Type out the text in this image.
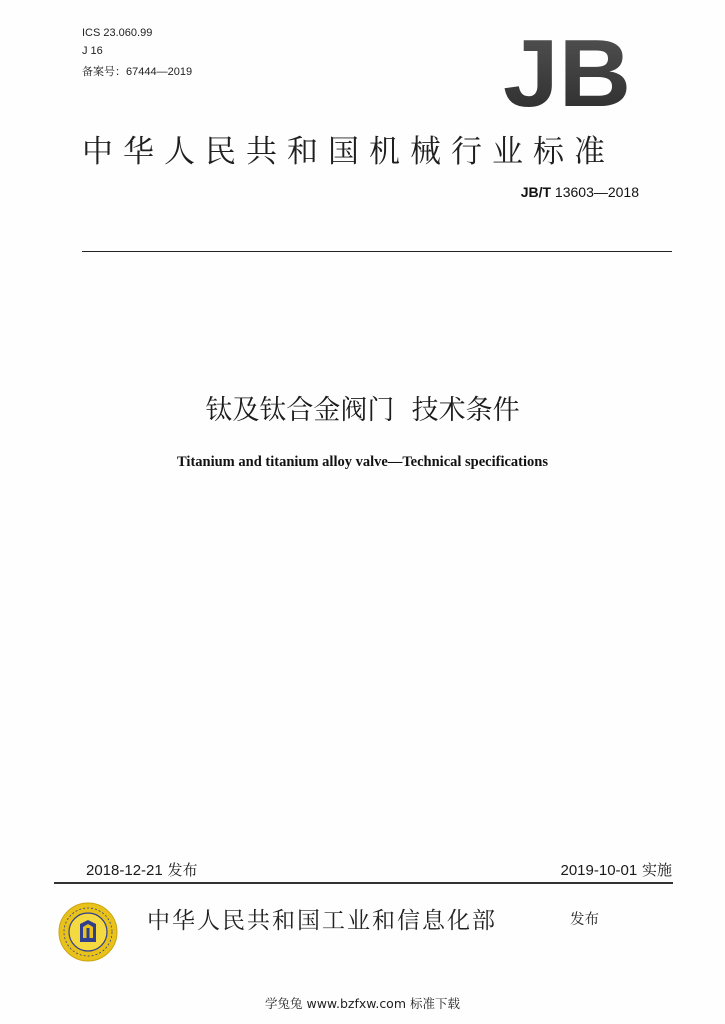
ICS 23.060.99
J 16
备案号：67444—2019	JB
中华人民共和国机械行业标准
JB/T 13603—2018
钛及钛合金阀门  技术条件
Titanium and titanium alloy valve—Technical specifications
2018-12-21 发布	2019-10-01 实施
中华人民共和国工业和信息化部	发布
学兔兔 www.bzfxw.com 标准下载
